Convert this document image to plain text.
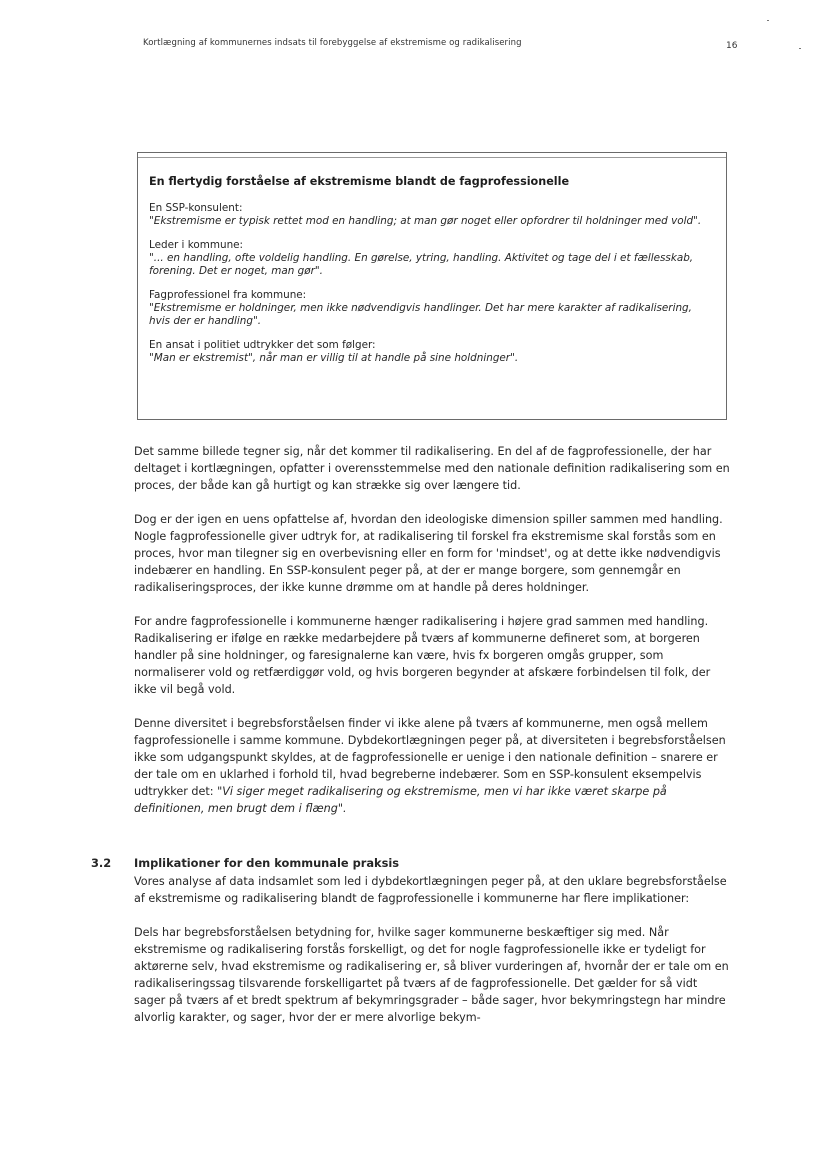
Kortlægning af kommunernes indsats til forebyggelse af ekstremisme og radikalisering	16
En flertydig forståelse af ekstremisme blandt de fagprofessionelle
En SSP-konsulent:
"Ekstremisme er typisk rettet mod en handling; at man gør noget eller opfordrer til holdninger med vold".
Leder i kommune:
"... en handling, ofte voldelig handling. En gørelse, ytring, handling. Aktivitet og tage del i et fællesskab, forening. Det er noget, man gør".
Fagprofessionel fra kommune:
"Ekstremisme er holdninger, men ikke nødvendigvis handlinger. Det har mere karakter af radikalisering, hvis der er handling".
En ansat i politiet udtrykker det som følger:
"Man er ekstremist", når man er villig til at handle på sine holdninger".

Det samme billede tegner sig, når det kommer til radikalisering. En del af de fagprofessionelle, der har deltaget i kortlægningen, opfatter i overensstemmelse med den nationale definition radikalisering som en proces, der både kan gå hurtigt og kan strække sig over længere tid.

Dog er der igen en uens opfattelse af, hvordan den ideologiske dimension spiller sammen med handling. Nogle fagprofessionelle giver udtryk for, at radikalisering til forskel fra ekstremisme skal forstås som en proces, hvor man tilegner sig en overbevisning eller en form for 'mindset', og at dette ikke nødvendigvis indebærer en handling. En SSP-konsulent peger på, at der er mange borgere, som gennemgår en radikaliseringsproces, der ikke kunne drømme om at handle på deres holdninger.

For andre fagprofessionelle i kommunerne hænger radikalisering i højere grad sammen med handling. Radikalisering er ifølge en række medarbejdere på tværs af kommunerne defineret som, at borgeren handler på sine holdninger, og faresignalerne kan være, hvis fx borgeren omgås grupper, som normaliserer vold og retfærdiggør vold, og hvis borgeren begynder at afskære forbindelsen til folk, der ikke vil begå vold.

Denne diversitet i begrebsforståelsen finder vi ikke alene på tværs af kommunerne, men også mellem fagprofessionelle i samme kommune. Dybdekortlægningen peger på, at diversiteten i begrebsforståelsen ikke som udgangspunkt skyldes, at de fagprofessionelle er uenige i den nationale definition – snarere er der tale om en uklarhed i forhold til, hvad begreberne indebærer. Som en SSP-konsulent eksempelvis udtrykker det: "Vi siger meget radikalisering og ekstremisme, men vi har ikke været skarpe på definitionen, men brugt dem i flæng".

3.2 Implikationer for den kommunale praksis

Vores analyse af data indsamlet som led i dybdekortlægningen peger på, at den uklare begrebsforståelse af ekstremisme og radikalisering blandt de fagprofessionelle i kommunerne har flere implikationer:

Dels har begrebsforståelsen betydning for, hvilke sager kommunerne beskæftiger sig med. Når ekstremisme og radikalisering forstås forskelligt, og det for nogle fagprofessionelle ikke er tydeligt for aktørerne selv, hvad ekstremisme og radikalisering er, så bliver vurderingen af, hvornår der er tale om en radikaliseringssag tilsvarende forskelligartet på tværs af de fagprofessionelle. Det gælder for så vidt sager på tværs af et bredt spektrum af bekymringsgrader – både sager, hvor bekymringstegn har mindre alvorlig karakter, og sager, hvor der er mere alvorlige bekym-
